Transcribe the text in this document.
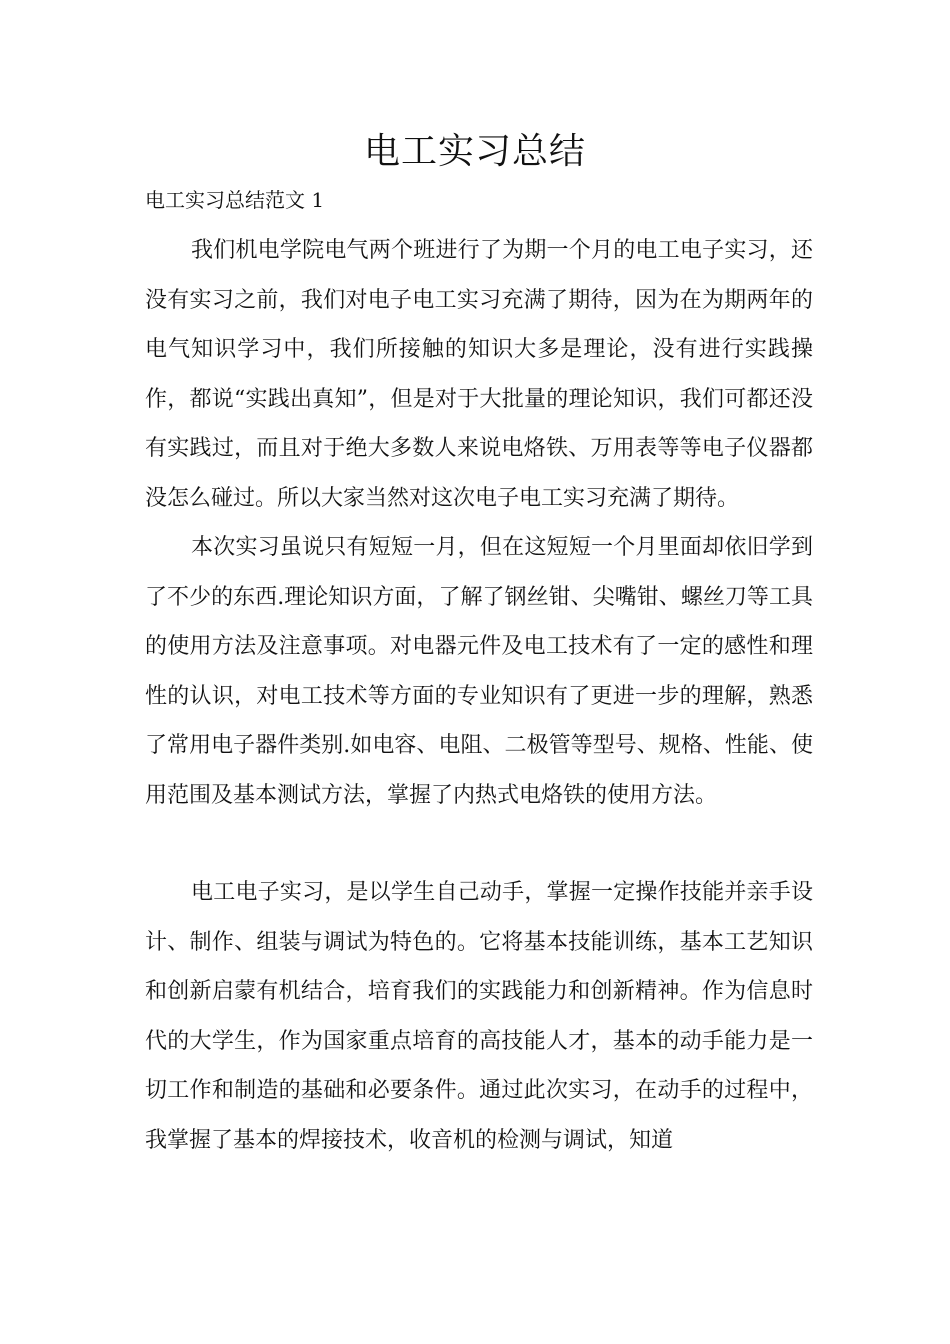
电工实习总结

电工实习总结范文 1

我们机电学院电气两个班进行了为期一个月的电工电子实习，还没有实习之前，我们对电子电工实习充满了期待，因为在为期两年的电气知识学习中，我们所接触的知识大多是理论，没有进行实践操作，都说“实践出真知”，但是对于大批量的理论知识，我们可都还没有实践过，而且对于绝大多数人来说电烙铁、万用表等等电子仪器都没怎么碰过。所以大家当然对这次电子电工实习充满了期待。

本次实习虽说只有短短一月，但在这短短一个月里面却依旧学到了不少的东西.理论知识方面，了解了钢丝钳、尖嘴钳、螺丝刀等工具的使用方法及注意事项。对电器元件及电工技术有了一定的感性和理性的认识，对电工技术等方面的专业知识有了更进一步的理解，熟悉了常用电子器件类别.如电容、电阻、二极管等型号、规格、性能、使用范围及基本测试方法，掌握了内热式电烙铁的使用方法。

电工电子实习，是以学生自己动手，掌握一定操作技能并亲手设计、制作、组装与调试为特色的。它将基本技能训练，基本工艺知识和创新启蒙有机结合，培育我们的实践能力和创新精神。作为信息时代的大学生，作为国家重点培育的高技能人才，基本的动手能力是一切工作和制造的基础和必要条件。通过此次实习，在动手的过程中，我掌握了基本的焊接技术，收音机的检测与调试，知道
